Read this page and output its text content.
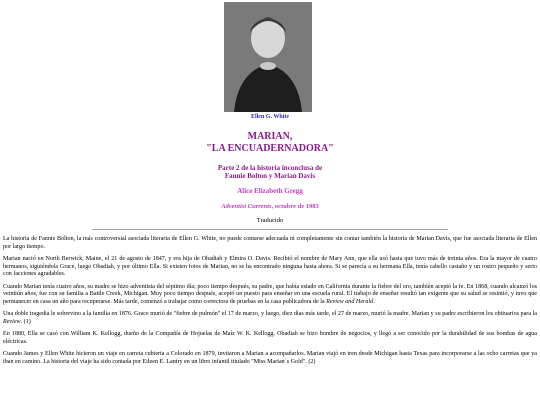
Ellen G. White
MARIAN,
"LA ENCUADERNADORA"
Parte 2 de la historia inconclusa de
Fannie Bolton y Marian Davis
Alice Elizabeth Gregg
Adventist Currents, octubre de 1983
Traducido

La historia de Fannie Bolton, la más controversial asociada literaria de Ellen G. White, no puede contarse adecuada ni completamente sin contar también la historia de Marian Davis, que fue asociada literaria de Ellen por largo tiempo.

Marian nació en North Berwick, Maine, el 21 de agosto de 1847, y era hija de Obadiah y Elmira O. Davis. Recibió el nombre de Mary Ann, que ella usó hasta que tuvo más de treinta años. Era la mayor de cuatro hermanos, siguiéndola Grace, luego Obadiah, y por último Ella. Si existen fotos de Marian, no se ha encontrado ninguna hasta ahora. Si se parecía a su hermana Ella, tenía cabello castaño y un rostro pequeño y serio con facciones agradables.

Cuando Marian tenía cuatro años, su madre se hizo adventista del séptimo día; poco tiempo después, su padre, que había estado en California durante la fiebre del oro, también aceptó la fe. En 1868, cuando alcanzó los veintiún años, fue con su familia a Battle Creek, Michigan. Muy poco tiempo después, aceptó un puesto para enseñar en una escuela rural. El trabajo de enseñar resultó tan exigente que su salud se resintió, y tuvo que permanecer en casa un año para recuperarse. Más tarde, comenzó a trabajar como correctora de pruebas en la casa publicadora de la Review and Herald.

Una doble tragedia le sobrevino a la familia en 1876. Grace murió de "fiebre de pulmón" el 17 de marzo, y luego, diez días más tarde, el 27 de marzo, murió la madre. Marian y su padre escribieron los obituarios para la Review. (1)

En 1880, Ella se casó con William K. Kellogg, dueño de la Compañía de Hojuelas de Maíz W. K. Kellogg. Obadiah se hizo hombre de negocios, y llegó a ser conocido por la durabilidad de sus bombas de agua eléctricas.

Cuando James y Ellen White hicieron un viaje en carreta cubierta a Colorado en 1879, invitaron a Marian a acompañarlos. Marian viajó en tren desde Michigan hasta Texas para incorporarse a las ocho carretas que ya iban en camino. La historia del viaje ha sido contada por Eileen E. Lantry en un libro infantil titulado "Miss Marian´s Gold". (2)
